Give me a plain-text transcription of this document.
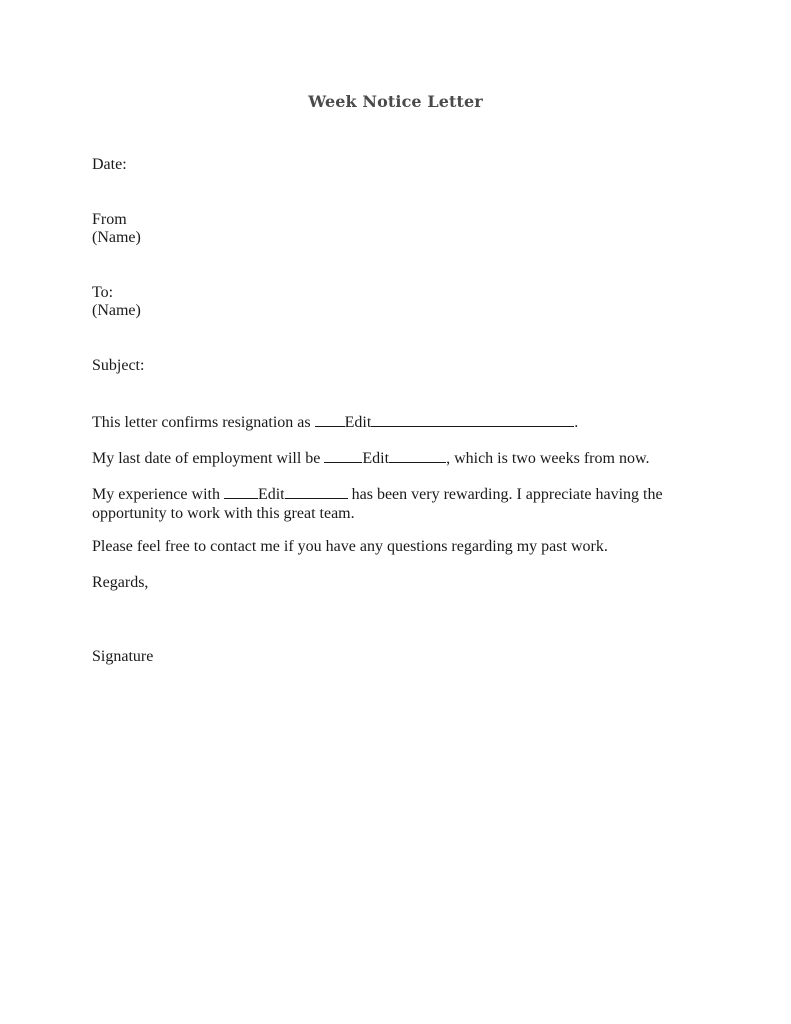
Week Notice Letter
Date:
From
(Name)
To:
(Name)
Subject:
This letter confirms resignation as Edit	.
My last date of employment will be Edit	, which is two weeks from now.
My experience with Edit	has been very rewarding. I appreciate having the opportunity to work with this great team.
Please feel free to contact me if you have any questions regarding my past work.
Regards,
Signature
